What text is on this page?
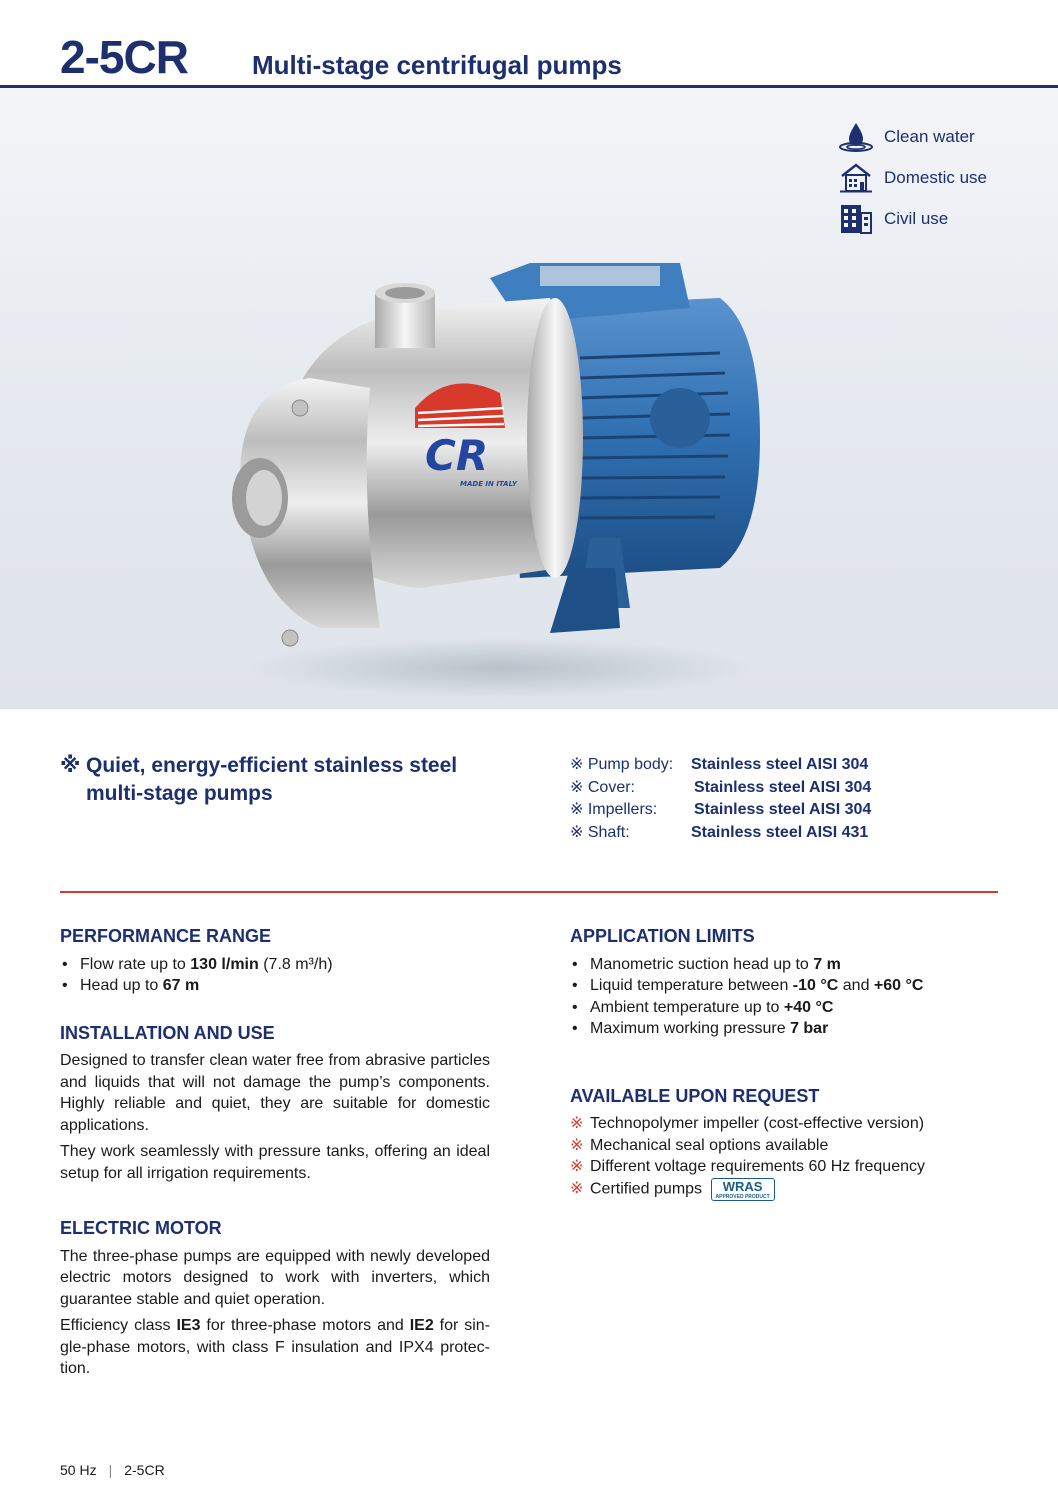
2-5CR Multi-stage centrifugal pumps
Clean water
Domestic use
Civil use
CR
MADE IN ITALY
※ Quiet, energy-efficient stainless steel
multi-stage pumps
※ Pump body:	Stainless steel AISI 304
※ Cover:	Stainless steel AISI 304
※ Impellers:	Stainless steel AISI 304
※ Shaft:	Stainless steel AISI 431
PERFORMANCE RANGE
• Flow rate up to 130 l/min (7.8 m³/h)
• Head up to 67 m
INSTALLATION AND USE

Designed to transfer clean water free from abrasive particles and liquids that will not damage the pump’s components. Highly reliable and quiet, they are suitable for domestic applications.

They work seamlessly with pressure tanks, offering an ideal setup for all irrigation requirements.

ELECTRIC MOTOR

The three-phase pumps are equipped with newly developed electric motors designed to work with inverters, which guarantee stable and quiet operation.

Efficiency class IE3 for three-phase motors and IE2 for single-phase motors, with class F insulation and IPX4 protection.

APPLICATION LIMITS
• Manometric suction head up to 7 m
• Liquid temperature between -10 °C and +60 °C
• Ambient temperature up to +40 °C
• Maximum working pressure 7 bar
AVAILABLE UPON REQUEST
※ Technopolymer impeller (cost-effective version)
※ Mechanical seal options available
※ Different voltage requirements 60 Hz frequency
※ Certified pumps WRAS
APPROVED PRODUCT
50 Hz | 2-5CR
